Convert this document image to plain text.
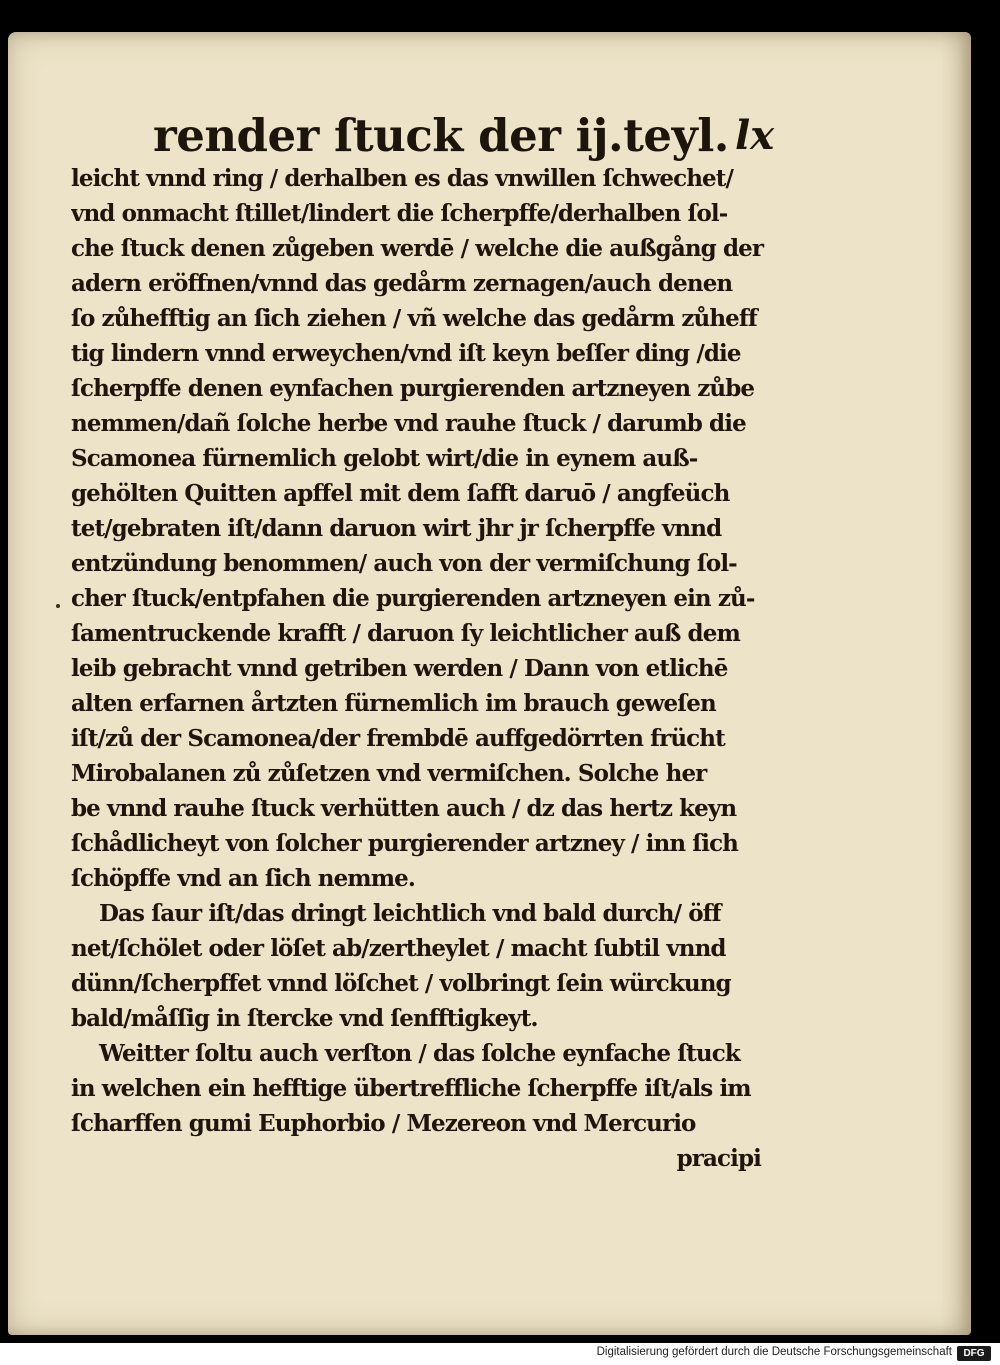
render ſtuck der ij.teyl. lx
leicht vnnd ring / derhalben es das vnwillen ſchwechet/
vnd onmacht ſtillet/lindert die ſcherpffe/derhalben ſol-
che ſtuck denen zůgeben werdē / welche die außgång der
adern eröffnen/vnnd das gedårm zernagen/auch denen
ſo zůhefftig an ſich ziehen / vñ welche das gedårm zůheff
tig lindern vnnd erweychen/vnd iſt keyn beſſer ding /die
ſcherpffe denen eynfachen purgierenden artzneyen zůbe
nemmen/dañ ſolche herbe vnd rauhe ſtuck / darumb die
Scamonea fürnemlich gelobt wirt/die in eynem auß-
gehölten Quitten apffel mit dem ſafft daruō / angfeüch
tet/gebraten iſt/dann daruon wirt jhr jr ſcherpffe vnnd
entzündung benommen/ auch von der vermiſchung ſol-
cher ſtuck/entpfahen die purgierenden artzneyen ein zů-
ſamentruckende krafft / daruon ſy leichtlicher auß dem
leib gebracht vnnd getriben werden / Dann von etlichē
alten erfarnen årtzten fürnemlich im brauch geweſen
iſt/zů der Scamonea/der frembdē auffgedörrten frücht
Mirobalanen zů zůſetzen vnd vermiſchen. Solche her
be vnnd rauhe ſtuck verhütten auch / dz das hertz keyn
ſchådlicheyt von ſolcher purgierender artzney / inn ſich
ſchöpffe vnd an ſich nemme.
Das ſaur iſt/das dringt leichtlich vnd bald durch/ öff
net/ſchölet oder löſet ab/zertheylet / macht ſubtil vnnd
dünn/ſcherpffet vnnd löſchet / volbringt ſein würckung
bald/måſſig in ſtercke vnd ſenfftigkeyt.
Weitter ſoltu auch verſton / das ſolche eynfache ſtuck
in welchen ein hefftige übertreffliche ſcherpffe iſt/als im
ſcharffen gumi Euphorbio / Mezereon vnd Mercurio
pracipi
Digitalisierung gefördert durch die Deutsche Forschungsgemeinschaft	DFG
